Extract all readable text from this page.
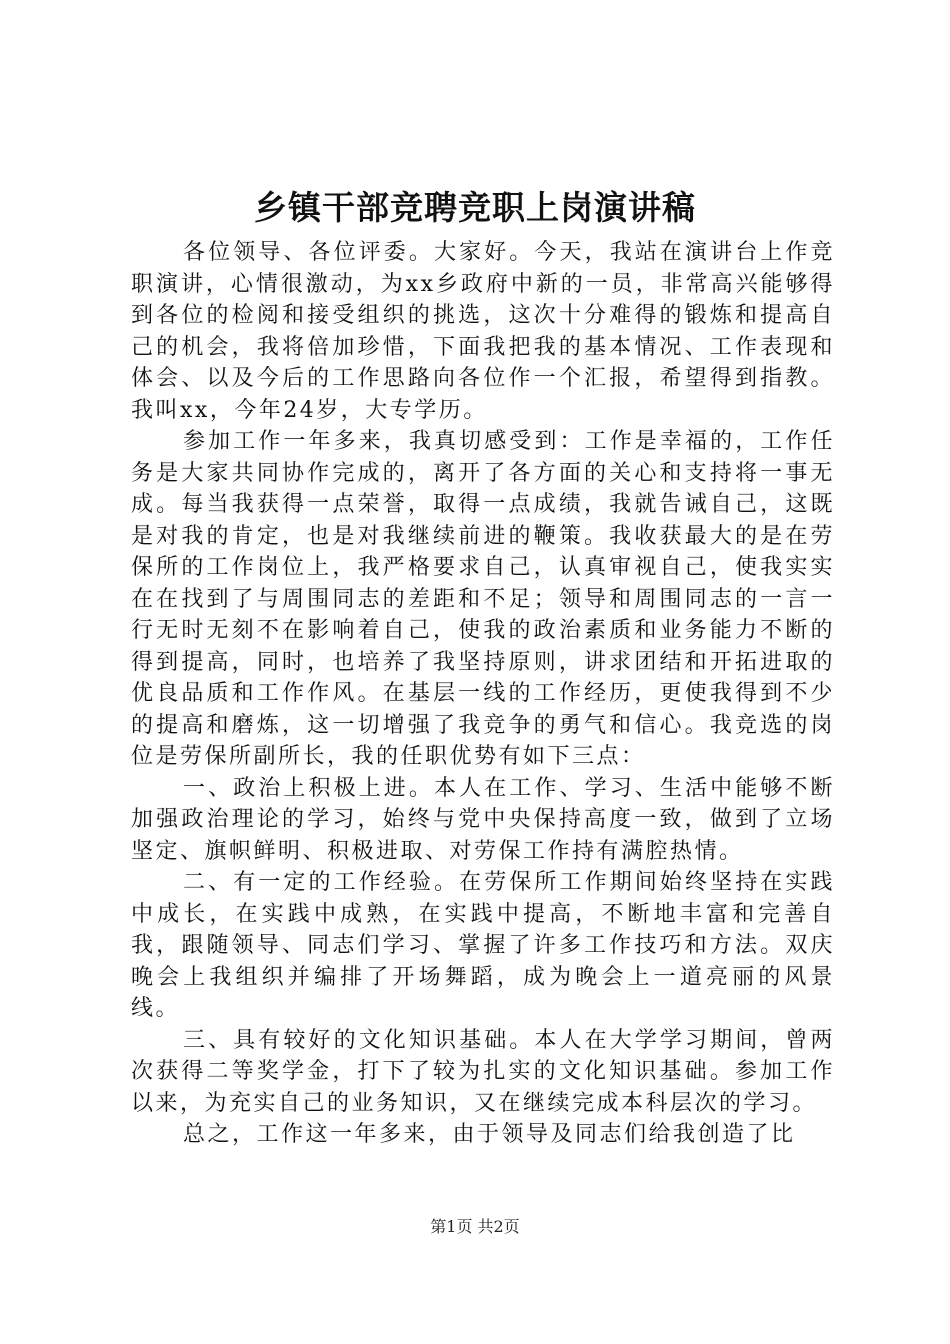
乡镇干部竞聘竞职上岗演讲稿

各位领导、各位评委。大家好。今天，我站在演讲台上作竞职演讲，心情很激动，为xx乡政府中新的一员，非常高兴能够得到各位的检阅和接受组织的挑选，这次十分难得的锻炼和提高自己的机会，我将倍加珍惜，下面我把我的基本情况、工作表现和体会、以及今后的工作思路向各位作一个汇报，希望得到指教。我叫xx，今年24岁，大专学历。

参加工作一年多来，我真切感受到：工作是幸福的，工作任务是大家共同协作完成的，离开了各方面的关心和支持将一事无成。每当我获得一点荣誉，取得一点成绩，我就告诫自己，这既是对我的肯定，也是对我继续前进的鞭策。我收获最大的是在劳保所的工作岗位上，我严格要求自己，认真审视自己，使我实实在在找到了与周围同志的差距和不足；领导和周围同志的一言一行无时无刻不在影响着自己，使我的政治素质和业务能力不断的得到提高，同时，也培养了我坚持原则，讲求团结和开拓进取的优良品质和工作作风。在基层一线的工作经历，更使我得到不少的提高和磨炼，这一切增强了我竞争的勇气和信心。我竞选的岗位是劳保所副所长，我的任职优势有如下三点：

一、政治上积极上进。本人在工作、学习、生活中能够不断加强政治理论的学习，始终与党中央保持高度一致，做到了立场坚定、旗帜鲜明、积极进取、对劳保工作持有满腔热情。

二、有一定的工作经验。在劳保所工作期间始终坚持在实践中成长，在实践中成熟，在实践中提高，不断地丰富和完善自我，跟随领导、同志们学习、掌握了许多工作技巧和方法。双庆晚会上我组织并编排了开场舞蹈，成为晚会上一道亮丽的风景线。

三、具有较好的文化知识基础。本人在大学学习期间，曾两次获得二等奖学金，打下了较为扎实的文化知识基础。参加工作以来，为充实自己的业务知识，又在继续完成本科层次的学习。

总之，工作这一年多来，由于领导及同志们给我创造了比

第1页 共2页
